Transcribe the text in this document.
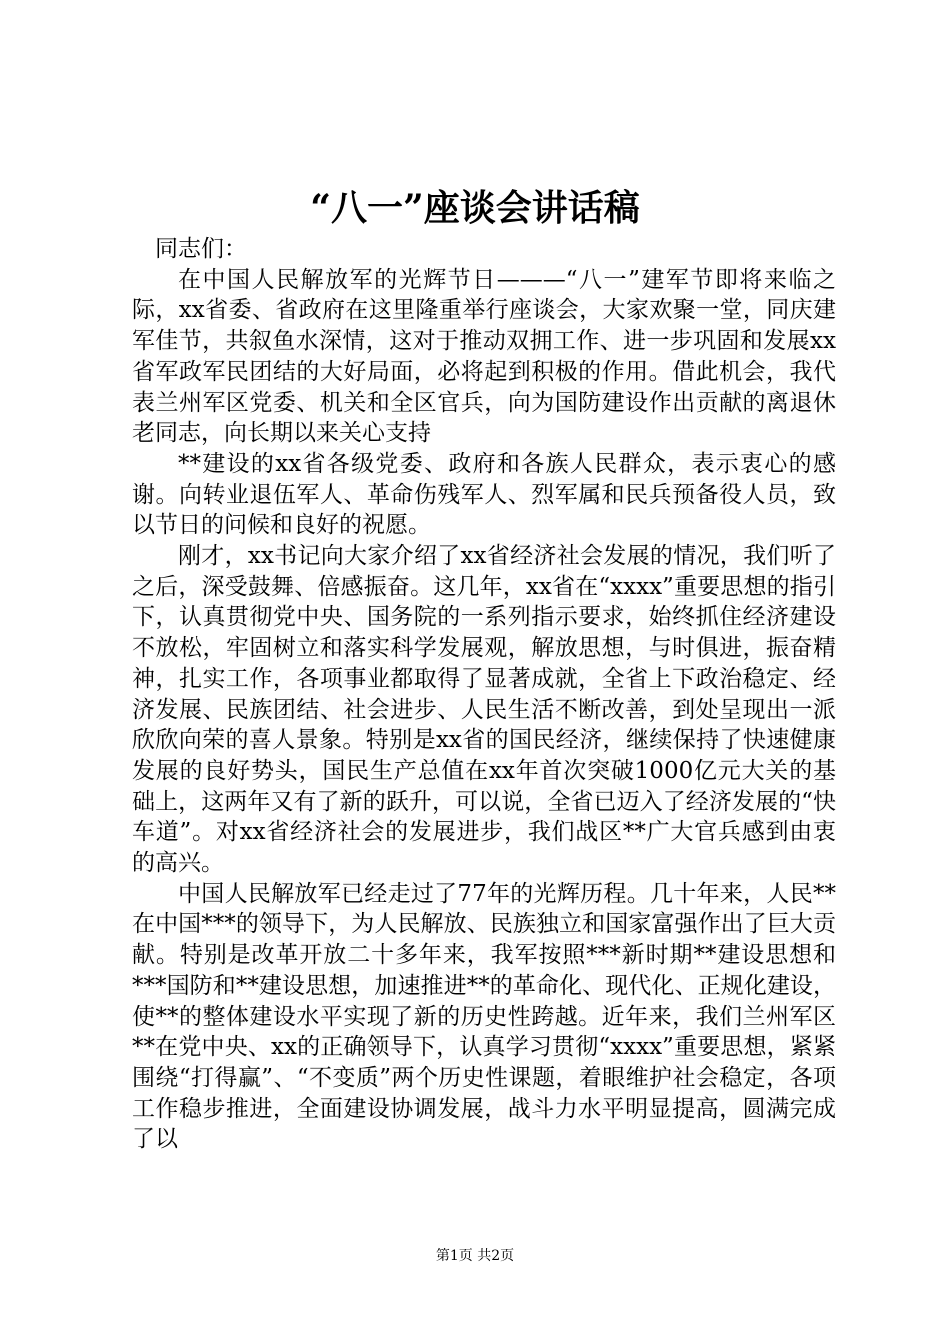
“八一”座谈会讲话稿

同志们：

在中国人民解放军的光辉节日———“八一”建军节即将来临之际，xx省委、省政府在这里隆重举行座谈会，大家欢聚一堂，同庆建军佳节，共叙鱼水深情，这对于推动双拥工作、进一步巩固和发展xx省军政军民团结的大好局面，必将起到积极的作用。借此机会，我代表兰州军区党委、机关和全区官兵，向为国防建设作出贡献的离退休老同志，向长期以来关心支持

**建设的xx省各级党委、政府和各族人民群众，表示衷心的感谢。向转业退伍军人、革命伤残军人、烈军属和民兵预备役人员，致以节日的问候和良好的祝愿。

刚才，xx书记向大家介绍了xx省经济社会发展的情况，我们听了之后，深受鼓舞、倍感振奋。这几年，xx省在“xxxx”重要思想的指引下，认真贯彻党中央、国务院的一系列指示要求，始终抓住经济建设不放松，牢固树立和落实科学发展观，解放思想，与时俱进，振奋精神，扎实工作，各项事业都取得了显著成就，全省上下政治稳定、经济发展、民族团结、社会进步、人民生活不断改善，到处呈现出一派欣欣向荣的喜人景象。特别是xx省的国民经济，继续保持了快速健康发展的良好势头，国民生产总值在xx年首次突破1000亿元大关的基础上，这两年又有了新的跃升，可以说，全省已迈入了经济发展的“快车道”。对xx省经济社会的发展进步，我们战区**广大官兵感到由衷的高兴。

中国人民解放军已经走过了77年的光辉历程。几十年来，人民**在中国***的领导下，为人民解放、民族独立和国家富强作出了巨大贡献。特别是改革开放二十多年来，我军按照***新时期**建设思想和***国防和**建设思想，加速推进**的革命化、现代化、正规化建设，使**的整体建设水平实现了新的历史性跨越。近年来，我们兰州军区**在党中央、xx的正确领导下，认真学习贯彻“xxxx”重要思想，紧紧围绕“打得赢”、“不变质”两个历史性课题，着眼维护社会稳定，各项工作稳步推进，全面建设协调发展，战斗力水平明显提高，圆满完成了以

第1页 共2页
